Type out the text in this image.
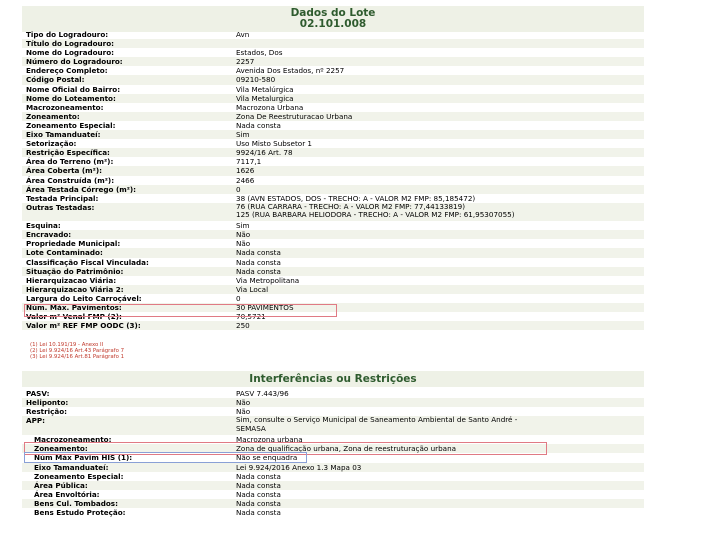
Dados do Lote
02.101.008
Tipo do Logradouro:	Avn
Título do Logradouro:
Nome do Logradouro:	Estados, Dos
Número do Logradouro:	2257
Endereço Completo:	Avenida Dos Estados, nº 2257
Código Postal:	09210-580
Nome Oficial do Bairro:	Vila Metalúrgica
Nome do Loteamento:	Vila Metalurgica
Macrozoneamento:	Macrozona Urbana
Zoneamento:	Zona De Reestruturacao Urbana
Zoneamento Especial:	Nada consta
Eixo Tamanduateí:	Sim
Setorização:	Uso Misto Subsetor 1
Restrição Específica:	9924/16 Art. 78
Área do Terreno (m²):	7117,1
Área Coberta (m²):	1626
Área Construída (m²):	2466
Área Testada Córrego (m²):	0
Testada Principal:	38 (AVN ESTADOS, DOS - TRECHO: A - VALOR M2 FMP: 85,185472)
Outras Testadas:	76 (RUA CARRARA - TRECHO: A - VALOR M2 FMP: 77,44133819)
125 (RUA BARBARA HELIODORA - TRECHO: A - VALOR M2 FMP: 61,95307055)
Esquina:	Sim
Encravado:	Não
Propriedade Municipal:	Não
Lote Contaminado:	Nada consta
Classificação Fiscal Vinculada:	Nada consta
Situação do Patrimônio:	Nada consta
Hierarquizacao Viária:	Via Metropolitana
Hierarquizacao Viária 2:	Via Local
Largura do Leito Carroçável:	0
Núm. Máx. Pavimentos:	30 PAVIMENTOS
Valor m² Venal FMP (2):	70,5721
Valor m² REF FMP OODC (3):	250
(1) Lei 10.191/19 - Anexo II
(2) Lei 9.924/16 Art.43 Parágrafo 7
(3) Lei 9.924/16 Art.81 Parágrafo 1
Interferências ou Restrições
PASV:	PASV 7.443/96
Heliponto:	Não
Restrição:	Não
APP:	Sim, consulte o Serviço Municipal de Saneamento Ambiental de Santo André -
SEMASA
Macrozoneamento:	Macrozona urbana
Zoneamento:	Zona de qualificação urbana, Zona de reestruturação urbana
Núm Máx Pavim HIS (1):	Não se enquadra
Eixo Tamanduateí:	Lei 9.924/2016 Anexo 1.3 Mapa 03
Zoneamento Especial:	Nada consta
Área Pública:	Nada consta
Área Envoltória:	Nada consta
Bens Cul. Tombados:	Nada consta
Bens Estudo Proteção:	Nada consta
